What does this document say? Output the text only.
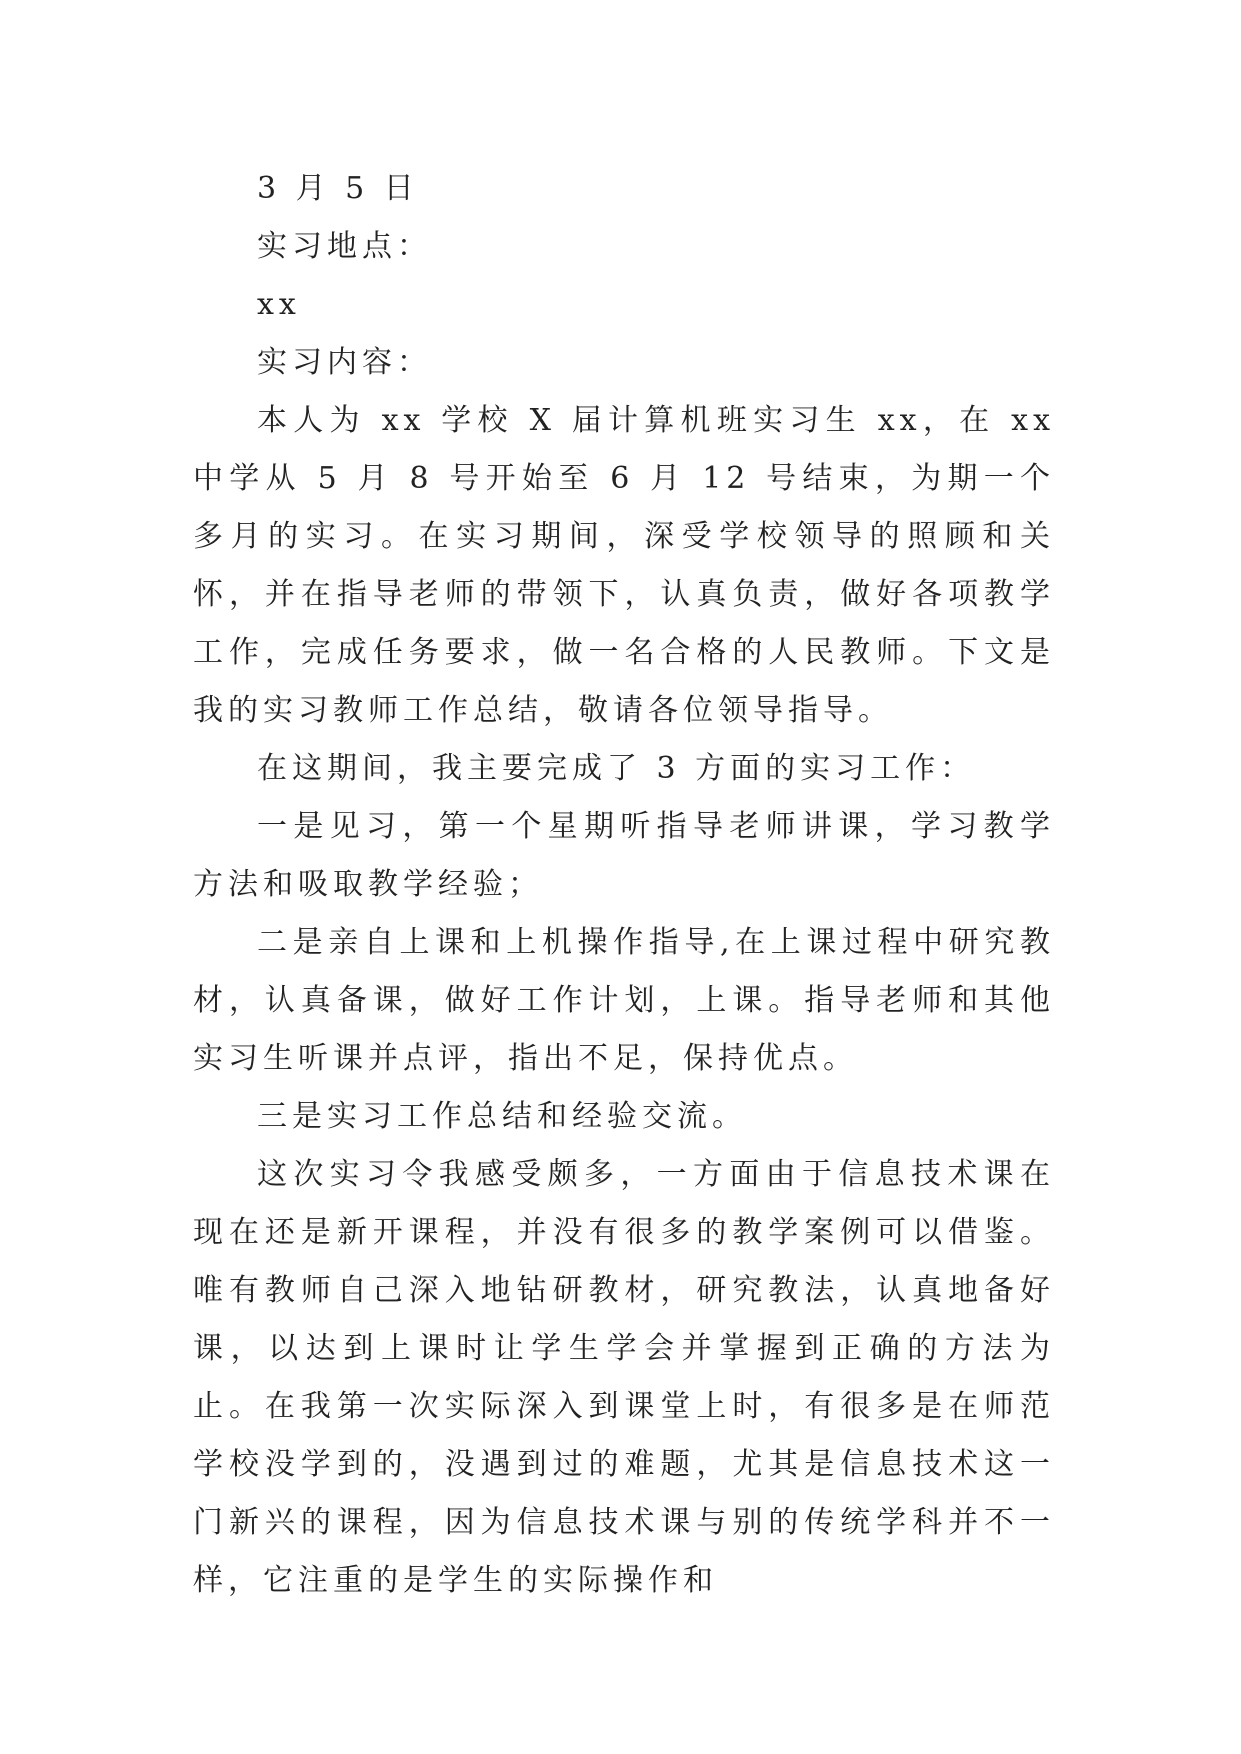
3 月 5 日

实习地点：

xx

实习内容：

本人为 xx 学校 X 届计算机班实习生 xx，在 xx 中学从 5 月 8 号开始至 6 月 12 号结束，为期一个多月的实习。在实习期间，深受学校领导的照顾和关怀，并在指导老师的带领下，认真负责，做好各项教学工作，完成任务要求，做一名合格的人民教师。下文是我的实习教师工作总结，敬请各位领导指导。

在这期间，我主要完成了 3 方面的实习工作：

一是见习，第一个星期听指导老师讲课，学习教学方法和吸取教学经验；

二是亲自上课和上机操作指导,在上课过程中研究教材，认真备课，做好工作计划，上课。指导老师和其他实习生听课并点评，指出不足，保持优点。

三是实习工作总结和经验交流。

这次实习令我感受颇多，一方面由于信息技术课在现在还是新开课程，并没有很多的教学案例可以借鉴。唯有教师自己深入地钻研教材，研究教法，认真地备好课，以达到上课时让学生学会并掌握到正确的方法为止。在我第一次实际深入到课堂上时，有很多是在师范学校没学到的，没遇到过的难题，尤其是信息技术这一门新兴的课程，因为信息技术课与别的传统学科并不一样，它注重的是学生的实际操作和
